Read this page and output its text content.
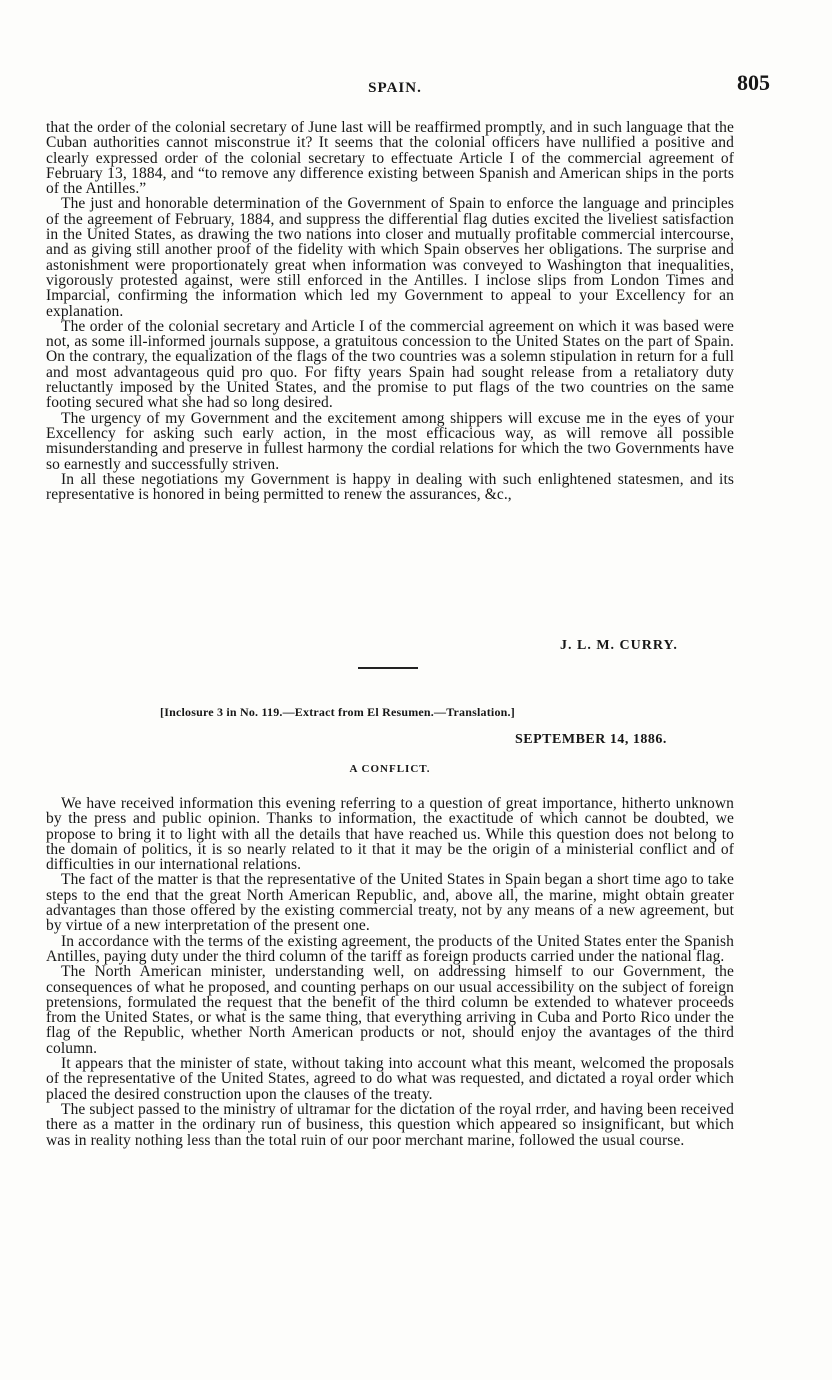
SPAIN.	805

that the order of the colonial secretary of June last will be reaffirmed promptly, and in such language that the Cuban authorities cannot misconstrue it? It seems that the colonial officers have nullified a positive and clearly expressed order of the colonial secretary to effectuate Article I of the commercial agreement of February 13, 1884, and “to remove any difference existing between Spanish and American ships in the ports of the Antilles.”

The just and honorable determination of the Government of Spain to enforce the language and principles of the agreement of February, 1884, and suppress the differential flag duties excited the liveliest satisfaction in the United States, as drawing the two nations into closer and mutually profitable commercial intercourse, and as giving still another proof of the fidelity with which Spain observes her obligations. The surprise and astonishment were proportionately great when information was conveyed to Washington that inequalities, vigorously protested against, were still enforced in the Antilles. I inclose slips from London Times and Imparcial, confirming the information which led my Government to appeal to your Excellency for an explanation.

The order of the colonial secretary and Article I of the commercial agreement on which it was based were not, as some ill-informed journals suppose, a gratuitous concession to the United States on the part of Spain. On the contrary, the equalization of the flags of the two countries was a solemn stipulation in return for a full and most advantageous quid pro quo. For fifty years Spain had sought release from a retaliatory duty reluctantly imposed by the United States, and the promise to put flags of the two countries on the same footing secured what she had so long desired.

The urgency of my Government and the excitement among shippers will excuse me in the eyes of your Excellency for asking such early action, in the most efficacious way, as will remove all possible misunderstanding and preserve in fullest harmony the cordial relations for which the two Governments have so earnestly and successfully striven.

In all these negotiations my Government is happy in dealing with such enlightened statesmen, and its representative is honored in being permitted to renew the assurances, &c.,

J. L. M. CURRY.
[Inclosure 3 in No. 119.—Extract from El Resumen.—Translation.]
SEPTEMBER 14, 1886.
A CONFLICT.

We have received information this evening referring to a question of great importance, hitherto unknown by the press and public opinion. Thanks to information, the exactitude of which cannot be doubted, we propose to bring it to light with all the details that have reached us. While this question does not belong to the domain of politics, it is so nearly related to it that it may be the origin of a ministerial conflict and of difficulties in our international relations.

The fact of the matter is that the representative of the United States in Spain began a short time ago to take steps to the end that the great North American Republic, and, above all, the marine, might obtain greater advantages than those offered by the existing commercial treaty, not by any means of a new agreement, but by virtue of a new interpretation of the present one.

In accordance with the terms of the existing agreement, the products of the United States enter the Spanish Antilles, paying duty under the third column of the tariff as foreign products carried under the national flag.

The North American minister, understanding well, on addressing himself to our Government, the consequences of what he proposed, and counting perhaps on our usual accessibility on the subject of foreign pretensions, formulated the request that the benefit of the third column be extended to whatever proceeds from the United States, or what is the same thing, that everything arriving in Cuba and Porto Rico under the flag of the Republic, whether North American products or not, should enjoy the avantages of the third column.

It appears that the minister of state, without taking into account what this meant, welcomed the proposals of the representative of the United States, agreed to do what was requested, and dictated a royal order which placed the desired construction upon the clauses of the treaty.

The subject passed to the ministry of ultramar for the dictation of the royal rrder, and having been received there as a matter in the ordinary run of business, this question which appeared so insignificant, but which was in reality nothing less than the total ruin of our poor merchant marine, followed the usual course.
